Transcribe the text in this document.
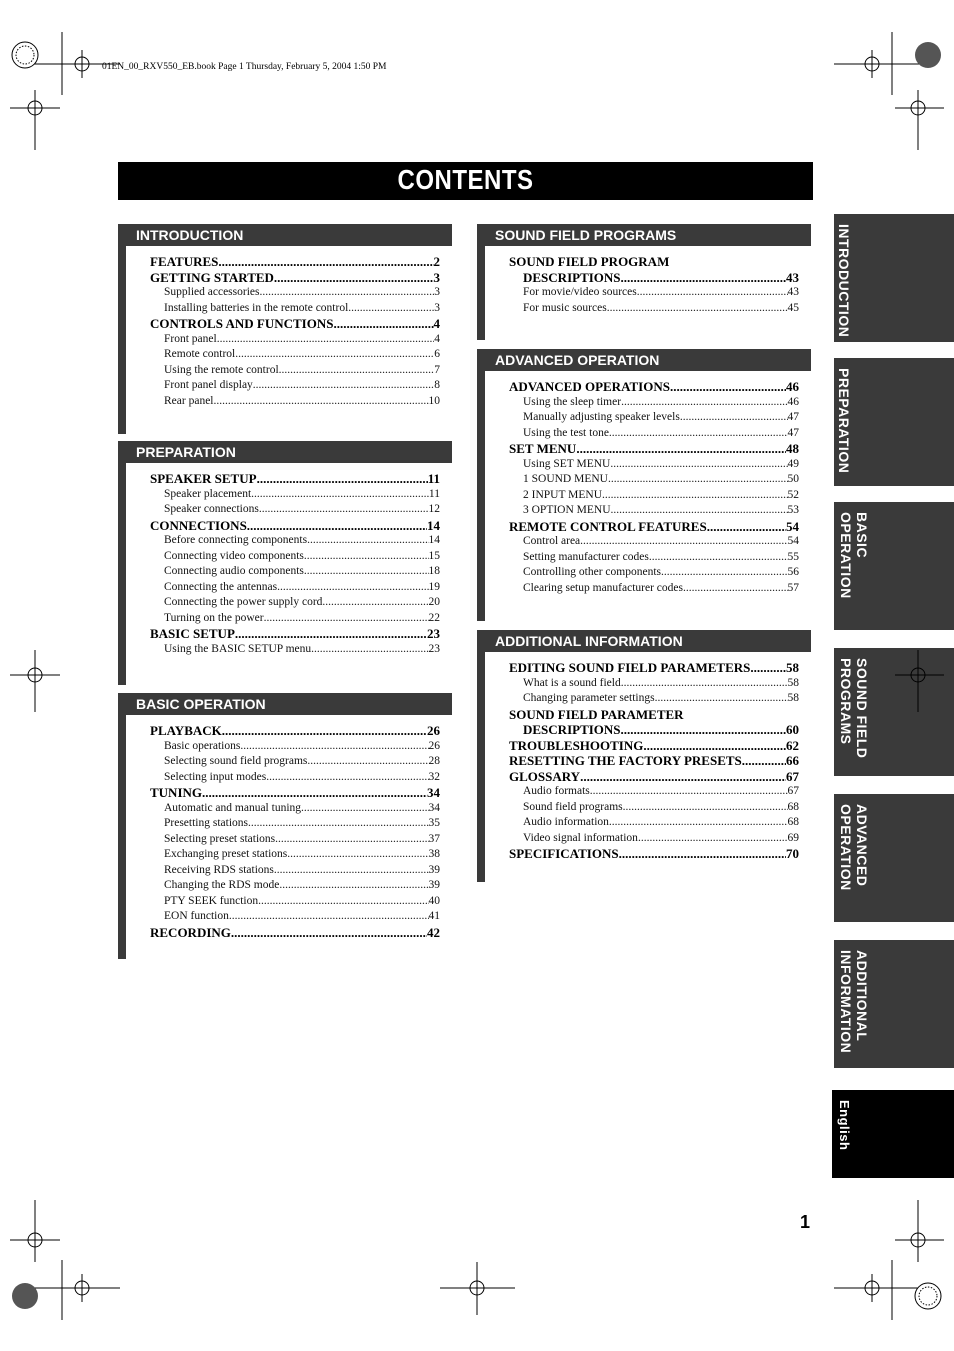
01EN_00_RXV550_EB.book Page 1 Thursday, February 5, 2004 1:50 PM
CONTENTS
INTRODUCTION
FEATURES .....	2
GETTING STARTED .....	3
Supplied accessories .....	3
Installing batteries in the remote control .....	3
CONTROLS AND FUNCTIONS .....	4
Front panel .....	4
Remote control .....	6
Using the remote control .....	7
Front panel display .....	8
Rear panel .....	10
PREPARATION
SPEAKER SETUP .....	11
Speaker placement .....	11
Speaker connections .....	12
CONNECTIONS .....	14
Before connecting components .....	14
Connecting video components .....	15
Connecting audio components .....	18
Connecting the antennas .....	19
Connecting the power supply cord .....	20
Turning on the power .....	22
BASIC SETUP .....	23
Using the BASIC SETUP menu .....	23
BASIC OPERATION
PLAYBACK .....	26
Basic operations .....	26
Selecting sound field programs .....	28
Selecting input modes .....	32
TUNING .....	34
Automatic and manual tuning .....	34
Presetting stations .....	35
Selecting preset stations .....	37
Exchanging preset stations .....	38
Receiving RDS stations .....	39
Changing the RDS mode .....	39
PTY SEEK function .....	40
EON function .....	41
RECORDING .....	42
SOUND FIELD PROGRAMS
SOUND FIELD PROGRAM
DESCRIPTIONS .....	43
For movie/video sources .....	43
For music sources .....	45
ADVANCED OPERATION
ADVANCED OPERATIONS .....	46
Using the sleep timer .....	46
Manually adjusting speaker levels .....	47
Using the test tone .....	47
SET MENU .....	48
Using SET MENU .....	49
1 SOUND MENU .....	50
2 INPUT MENU .....	52
3 OPTION MENU .....	53
REMOTE CONTROL FEATURES .....	54
Control area .....	54
Setting manufacturer codes .....	55
Controlling other components .....	56
Clearing setup manufacturer codes .....	57
ADDITIONAL INFORMATION
EDITING SOUND FIELD PARAMETERS .....	58
What is a sound field .....	58
Changing parameter settings .....	58
SOUND FIELD PARAMETER
DESCRIPTIONS .....	60
TROUBLESHOOTING .....	62
RESETTING THE FACTORY PRESETS .....	66
GLOSSARY .....	67
Audio formats .....	67
Sound field programs .....	68
Audio information .....	68
Video signal information .....	69
SPECIFICATIONS .....	70
INTRODUCTION
PREPARATION
BASIC OPERATION
SOUND FIELD PROGRAMS
ADVANCED OPERATION
ADDITIONAL INFORMATION
English
1
